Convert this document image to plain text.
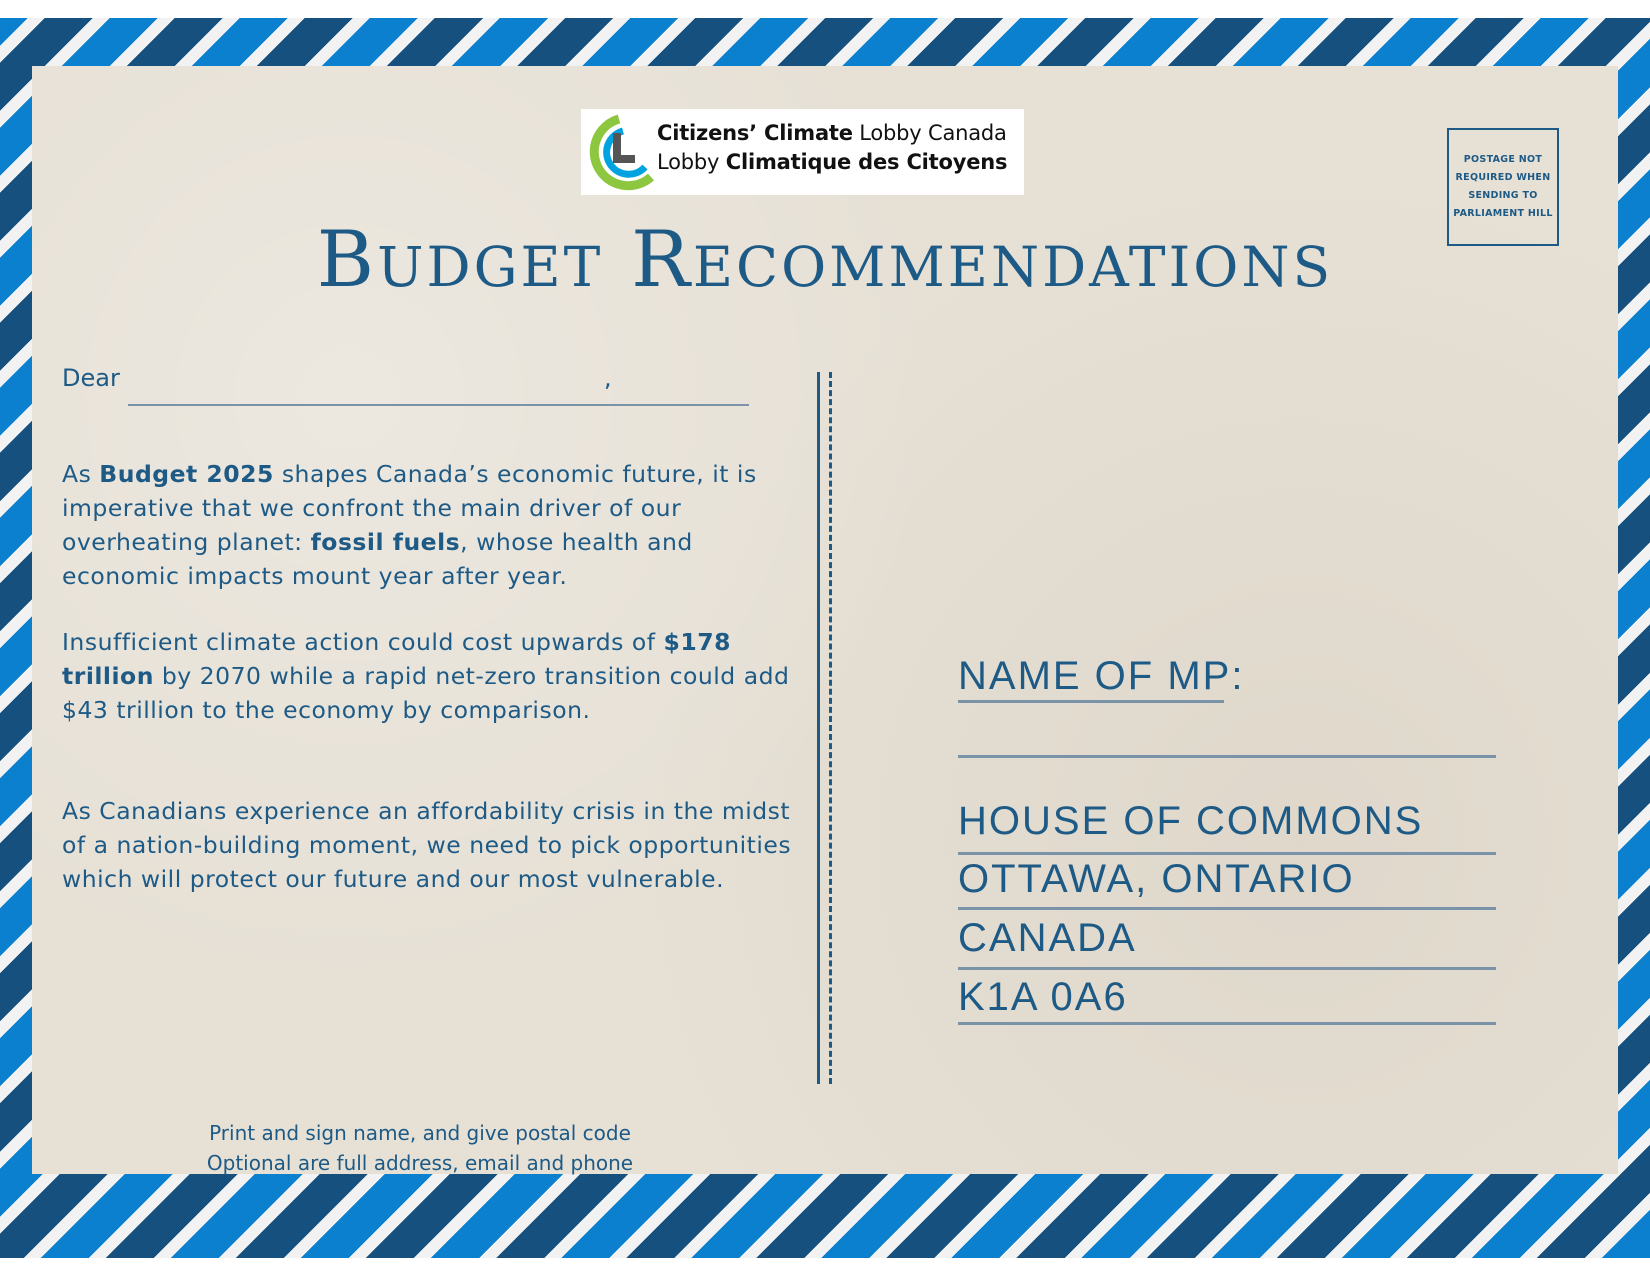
Citizens’ Climate Lobby Canada
Lobby Climatique des Citoyens	POSTAGE NOT REQUIRED WHEN SENDING TO PARLIAMENT HILL
Budget Recommendations
Dear	,
As Budget 2025 shapes Canada’s economic future, it is imperative that we confront the main driver of our overheating planet: fossil fuels, whose health and economic impacts mount year after year.
Insufficient climate action could cost upwards of $178 trillion by 2070 while a rapid net-zero transition could add $43 trillion to the economy by comparison.
As Canadians experience an affordability crisis in the midst of a nation-building moment, we need to pick opportunities which will protect our future and our most vulnerable.
Print and sign name, and give postal code
Optional are full address, email and phone
NAME OF MP:
HOUSE OF COMMONS
OTTAWA, ONTARIO
CANADA
K1A 0A6
